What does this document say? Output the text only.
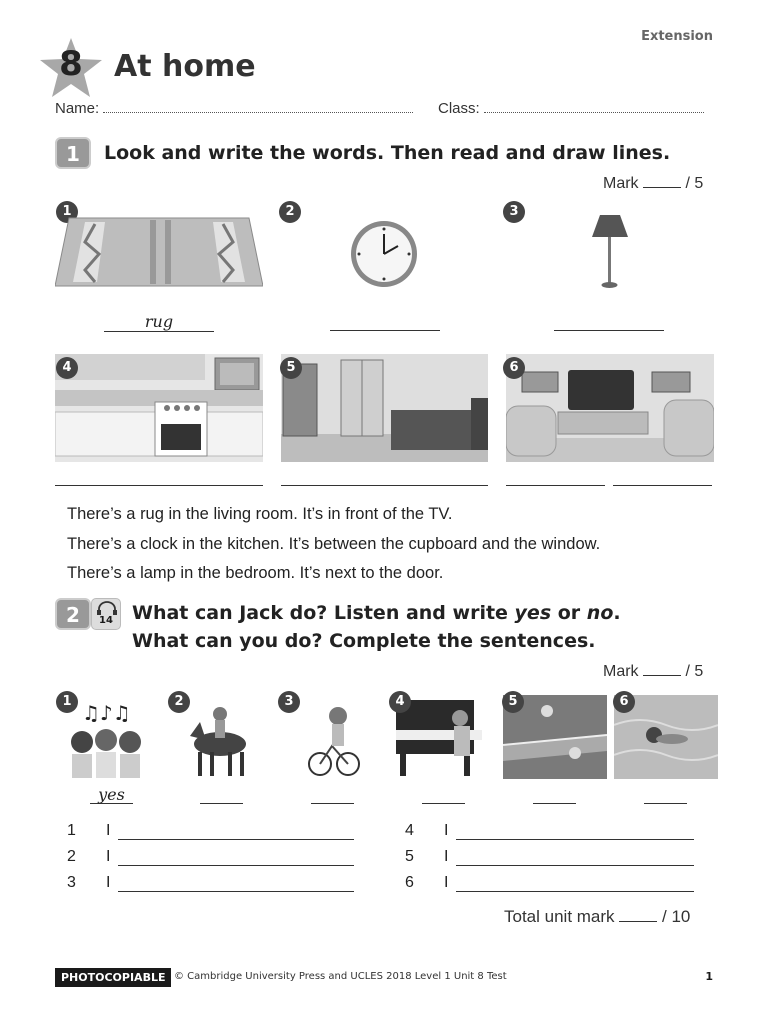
Extension
8	At home
Name:	Class:
1	Look and write the words. Then read and draw lines.
Mark	/ 5
1	2	3
rug
4	5	6
There’s a rug in the living room. It’s in front of the TV.
There’s a clock in the kitchen. It’s between the cupboard and the window.
There’s a lamp in the bedroom. It’s next to the door.
2	14	What can Jack do? Listen and write yes or no.
What can you do? Complete the sentences.
Mark	/ 5
♫♪♫
1	2	3	4	5	6
yes
1 I
2 I
3 I
4 I
5 I
6 I
Total unit mark	/ 10
PHOTOCOPIABLE © Cambridge University Press and UCLES 2018 Level 1 Unit 8 Test	1
